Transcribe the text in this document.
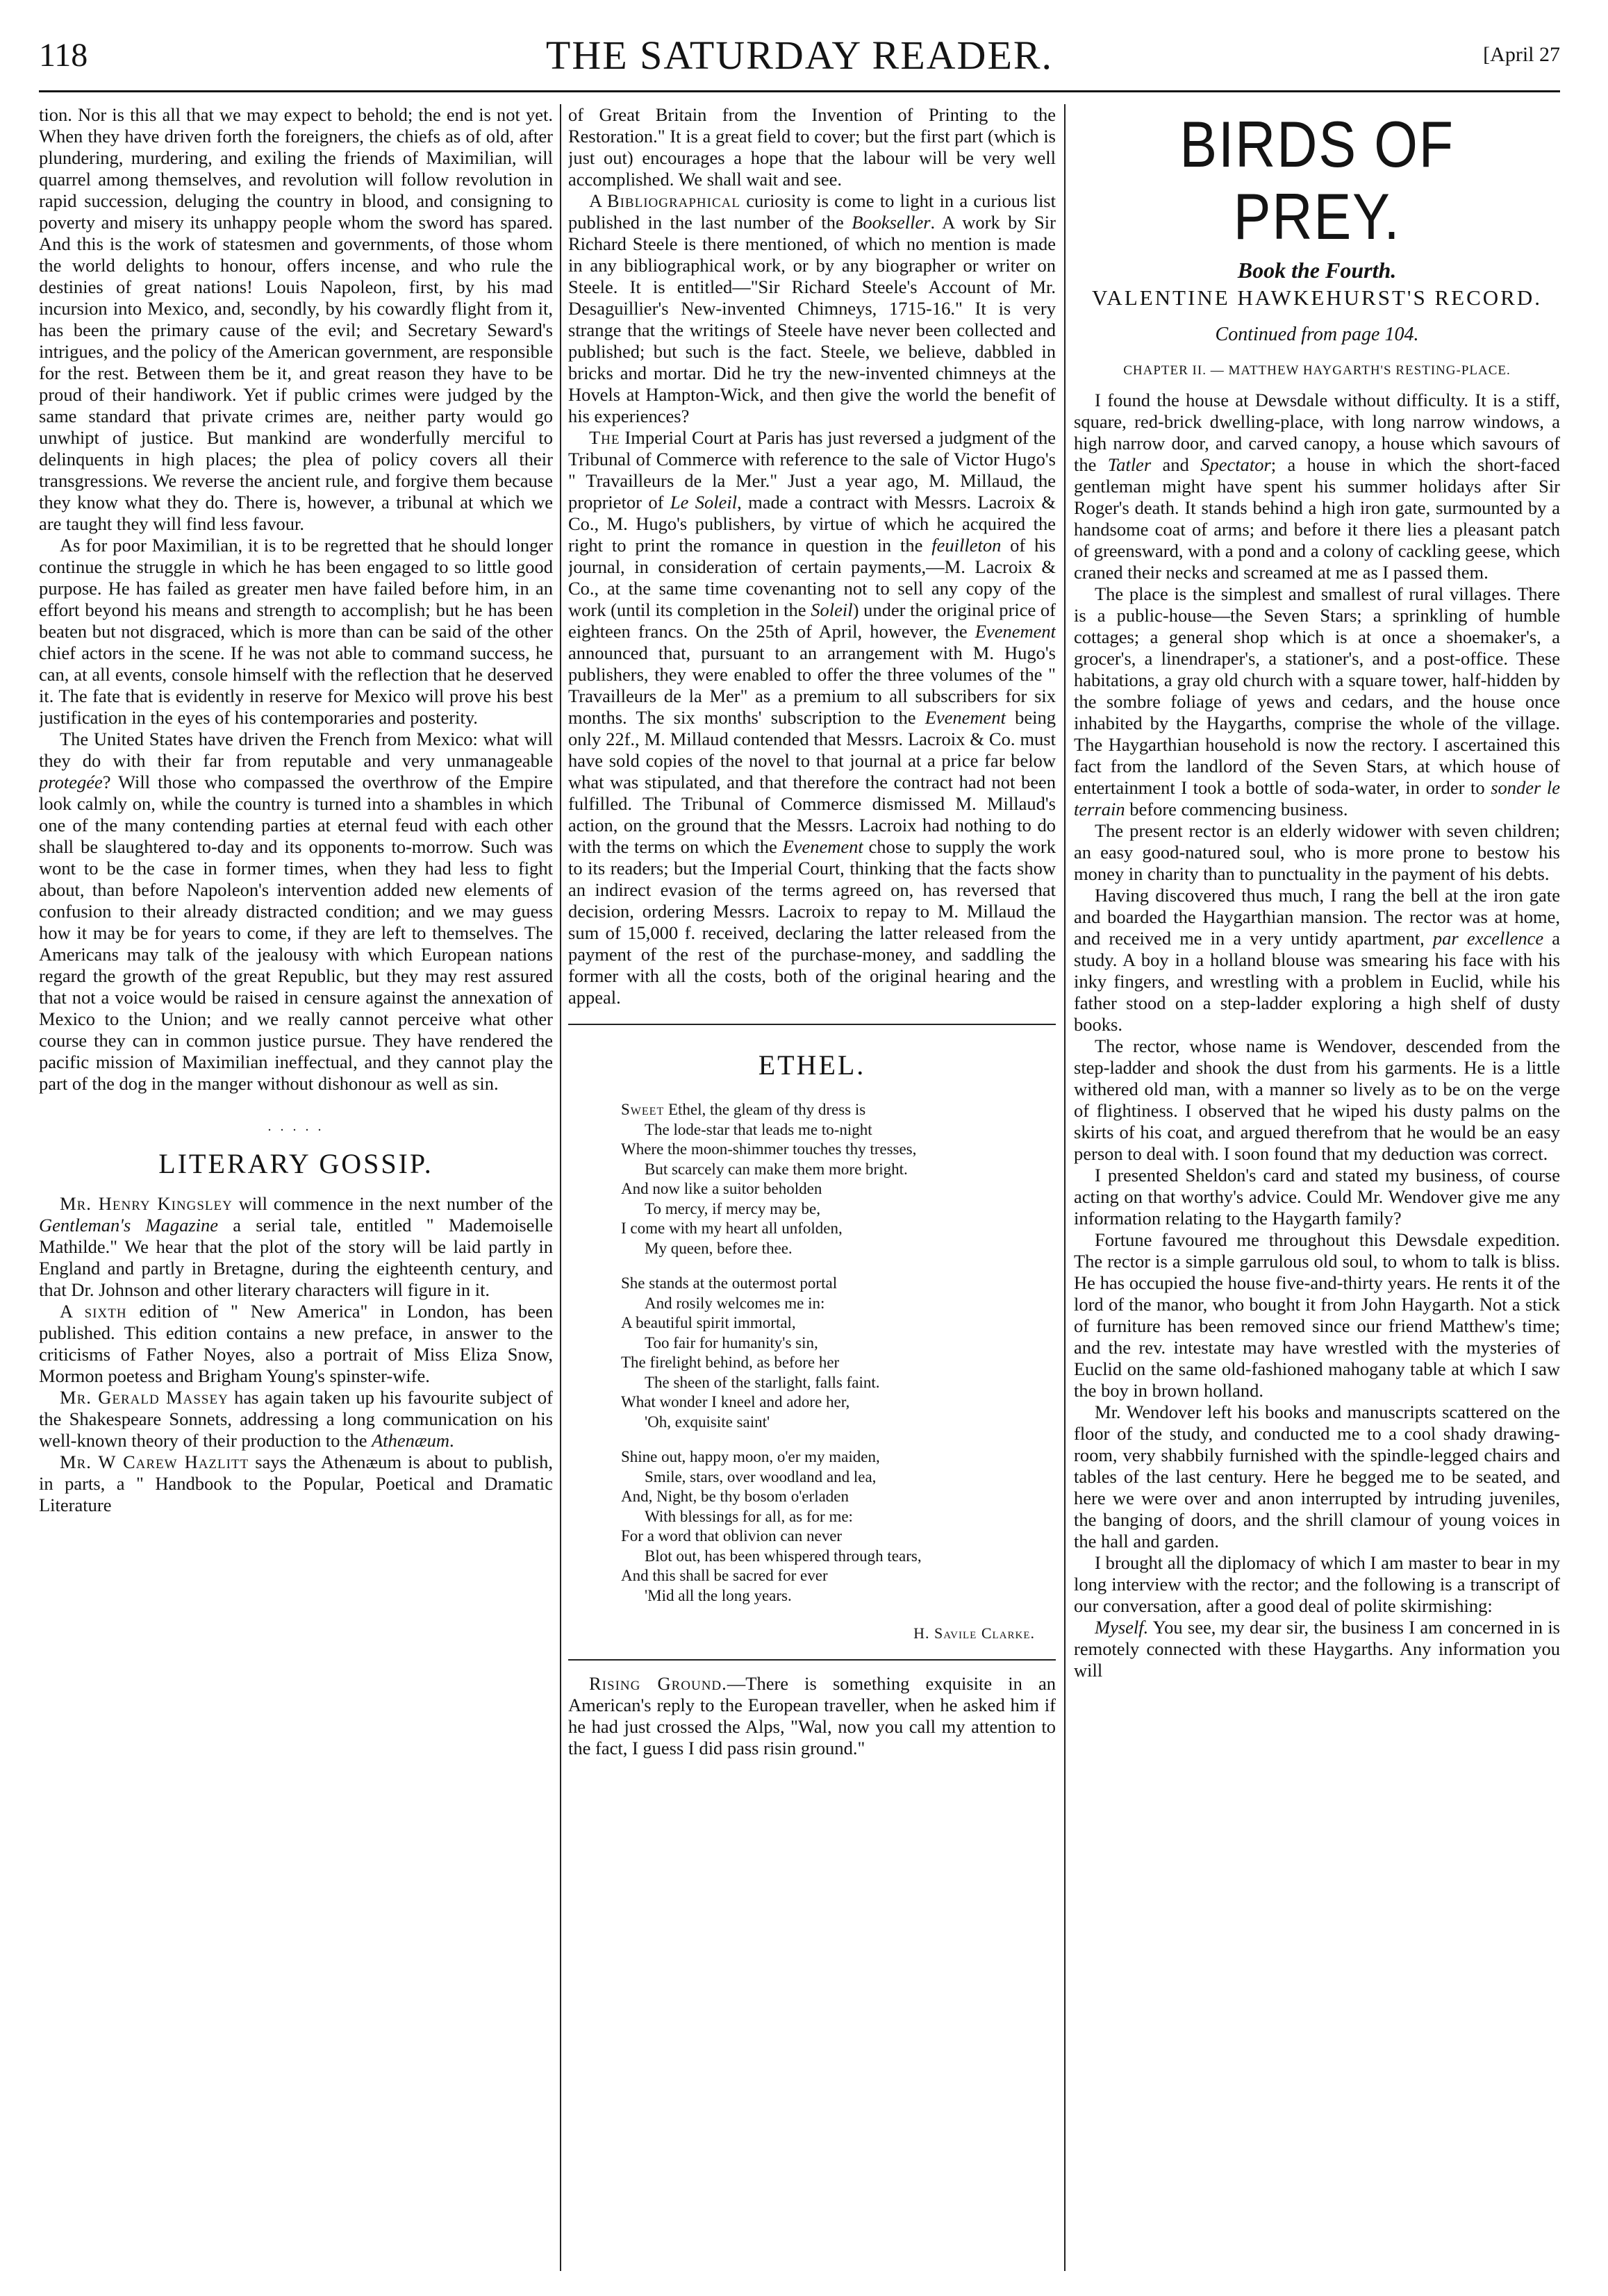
118	THE SATURDAY READER.	[April 27

tion. Nor is this all that we may expect to behold; the end is not yet. When they have driven forth the foreigners, the chiefs as of old, after plundering, murdering, and exiling the friends of Maximilian, will quarrel among themselves, and revolution will follow revolution in rapid succession, deluging the country in blood, and consigning to poverty and misery its unhappy people whom the sword has spared. And this is the work of statesmen and governments, of those whom the world delights to honour, offers incense, and who rule the destinies of great nations! Louis Napoleon, first, by his mad incursion into Mexico, and, secondly, by his cowardly flight from it, has been the primary cause of the evil; and Secretary Seward's intrigues, and the policy of the American government, are responsible for the rest. Between them be it, and great reason they have to be proud of their handiwork. Yet if public crimes were judged by the same standard that private crimes are, neither party would go unwhipt of justice. But mankind are wonderfully merciful to delinquents in high places; the plea of policy covers all their transgressions. We reverse the ancient rule, and forgive them because they know what they do. There is, however, a tribunal at which we are taught they will find less favour.

As for poor Maximilian, it is to be regretted that he should longer continue the struggle in which he has been engaged to so little good purpose. He has failed as greater men have failed before him, in an effort beyond his means and strength to accomplish; but he has been beaten but not disgraced, which is more than can be said of the other chief actors in the scene. If he was not able to command success, he can, at all events, console himself with the reflection that he deserved it. The fate that is evidently in reserve for Mexico will prove his best justification in the eyes of his contemporaries and posterity.

The United States have driven the French from Mexico: what will they do with their far from reputable and very unmanageable protegée? Will those who compassed the overthrow of the Empire look calmly on, while the country is turned into a shambles in which one of the many contending parties at eternal feud with each other shall be slaughtered to-day and its opponents to-morrow. Such was wont to be the case in former times, when they had less to fight about, than before Napoleon's intervention added new elements of confusion to their already distracted condition; and we may guess how it may be for years to come, if they are left to themselves. The Americans may talk of the jealousy with which European nations regard the growth of the great Republic, but they may rest assured that not a voice would be raised in censure against the annexation of Mexico to the Union; and we really cannot perceive what other course they can in common justice pursue. They have rendered the pacific mission of Maximilian ineffectual, and they cannot play the part of the dog in the manger without dishonour as well as sin.

. . . . .
LITERARY GOSSIP.

Mr. Henry Kingsley will commence in the next number of the Gentleman's Magazine a serial tale, entitled " Mademoiselle Mathilde." We hear that the plot of the story will be laid partly in England and partly in Bretagne, during the eighteenth century, and that Dr. Johnson and other literary characters will figure in it.

A sixth edition of " New America" in London, has been published. This edition contains a new preface, in answer to the criticisms of Father Noyes, also a portrait of Miss Eliza Snow, Mormon poetess and Brigham Young's spinster-wife.

Mr. Gerald Massey has again taken up his favourite subject of the Shakespeare Sonnets, addressing a long communication on his well-known theory of their production to the Athenæum.

Mr. W Carew Hazlitt says the Athenæum is about to publish, in parts, a " Handbook to the Popular, Poetical and Dramatic Literature

of Great Britain from the Invention of Printing to the Restoration." It is a great field to cover; but the first part (which is just out) encourages a hope that the labour will be very well accomplished. We shall wait and see.

A Bibliographical curiosity is come to light in a curious list published in the last number of the Bookseller. A work by Sir Richard Steele is there mentioned, of which no mention is made in any bibliographical work, or by any biographer or writer on Steele. It is entitled—"Sir Richard Steele's Account of Mr. Desaguillier's New-invented Chimneys, 1715-16." It is very strange that the writings of Steele have never been collected and published; but such is the fact. Steele, we believe, dabbled in bricks and mortar. Did he try the new-invented chimneys at the Hovels at Hampton-Wick, and then give the world the benefit of his experiences?

The Imperial Court at Paris has just reversed a judgment of the Tribunal of Commerce with reference to the sale of Victor Hugo's " Travailleurs de la Mer." Just a year ago, M. Millaud, the proprietor of Le Soleil, made a contract with Messrs. Lacroix & Co., M. Hugo's publishers, by virtue of which he acquired the right to print the romance in question in the feuilleton of his journal, in consideration of certain payments,—M. Lacroix & Co., at the same time covenanting not to sell any copy of the work (until its completion in the Soleil) under the original price of eighteen francs. On the 25th of April, however, the Evenement announced that, pursuant to an arrangement with M. Hugo's publishers, they were enabled to offer the three volumes of the " Travailleurs de la Mer" as a premium to all subscribers for six months. The six months' subscription to the Evenement being only 22f., M. Millaud contended that Messrs. Lacroix & Co. must have sold copies of the novel to that journal at a price far below what was stipulated, and that therefore the contract had not been fulfilled. The Tribunal of Commerce dismissed M. Millaud's action, on the ground that the Messrs. Lacroix had nothing to do with the terms on which the Evenement chose to supply the work to its readers; but the Imperial Court, thinking that the facts show an indirect evasion of the terms agreed on, has reversed that decision, ordering Messrs. Lacroix to repay to M. Millaud the sum of 15,000 f. received, declaring the latter released from the payment of the rest of the purchase-money, and saddling the former with all the costs, both of the original hearing and the appeal.

ETHEL.
Sweet Ethel, the gleam of thy dress is
The lode-star that leads me to-night
Where the moon-shimmer touches thy tresses,
But scarcely can make them more bright.
And now like a suitor beholden
To mercy, if mercy may be,
I come with my heart all unfolden,
My queen, before thee.
She stands at the outermost portal
And rosily welcomes me in:
A beautiful spirit immortal,
Too fair for humanity's sin,
The firelight behind, as before her
The sheen of the starlight, falls faint.
What wonder I kneel and adore her,
'Oh, exquisite saint'
Shine out, happy moon, o'er my maiden,
Smile, stars, over woodland and lea,
And, Night, be thy bosom o'erladen
With blessings for all, as for me:
For a word that oblivion can never
Blot out, has been whispered through tears,
And this shall be sacred for ever
'Mid all the long years.
H. Savile Clarke.

Rising Ground.—There is something exquisite in an American's reply to the European traveller, when he asked him if he had just crossed the Alps, "Wal, now you call my attention to the fact, I guess I did pass risin ground."

BIRDS OF PREY.
Book the Fourth.
VALENTINE HAWKEHURST'S RECORD.
Continued from page 104.
CHAPTER II. — MATTHEW HAYGARTH'S RESTING-PLACE.

I found the house at Dewsdale without difficulty. It is a stiff, square, red-brick dwelling-place, with long narrow windows, a high narrow door, and carved canopy, a house which savours of the Tatler and Spectator; a house in which the short-faced gentleman might have spent his summer holidays after Sir Roger's death. It stands behind a high iron gate, surmounted by a handsome coat of arms; and before it there lies a pleasant patch of greensward, with a pond and a colony of cackling geese, which craned their necks and screamed at me as I passed them.

The place is the simplest and smallest of rural villages. There is a public-house—the Seven Stars; a sprinkling of humble cottages; a general shop which is at once a shoemaker's, a grocer's, a linendraper's, a stationer's, and a post-office. These habitations, a gray old church with a square tower, half-hidden by the sombre foliage of yews and cedars, and the house once inhabited by the Haygarths, comprise the whole of the village. The Haygarthian household is now the rectory. I ascertained this fact from the landlord of the Seven Stars, at which house of entertainment I took a bottle of soda-water, in order to sonder le terrain before commencing business.

The present rector is an elderly widower with seven children; an easy good-natured soul, who is more prone to bestow his money in charity than to punctuality in the payment of his debts.

Having discovered thus much, I rang the bell at the iron gate and boarded the Haygarthian mansion. The rector was at home, and received me in a very untidy apartment, par excellence a study. A boy in a holland blouse was smearing his face with his inky fingers, and wrestling with a problem in Euclid, while his father stood on a step-ladder exploring a high shelf of dusty books.

The rector, whose name is Wendover, descended from the step-ladder and shook the dust from his garments. He is a little withered old man, with a manner so lively as to be on the verge of flightiness. I observed that he wiped his dusty palms on the skirts of his coat, and argued therefrom that he would be an easy person to deal with. I soon found that my deduction was correct.

I presented Sheldon's card and stated my business, of course acting on that worthy's advice. Could Mr. Wendover give me any information relating to the Haygarth family?

Fortune favoured me throughout this Dewsdale expedition. The rector is a simple garrulous old soul, to whom to talk is bliss. He has occupied the house five-and-thirty years. He rents it of the lord of the manor, who bought it from John Haygarth. Not a stick of furniture has been removed since our friend Matthew's time; and the rev. intestate may have wrestled with the mysteries of Euclid on the same old-fashioned mahogany table at which I saw the boy in brown holland.

Mr. Wendover left his books and manuscripts scattered on the floor of the study, and conducted me to a cool shady drawing-room, very shabbily furnished with the spindle-legged chairs and tables of the last century. Here he begged me to be seated, and here we were over and anon interrupted by intruding juveniles, the banging of doors, and the shrill clamour of young voices in the hall and garden.

I brought all the diplomacy of which I am master to bear in my long interview with the rector; and the following is a transcript of our conversation, after a good deal of polite skirmishing:

Myself. You see, my dear sir, the business I am concerned in is remotely connected with these Haygarths. Any information you will
